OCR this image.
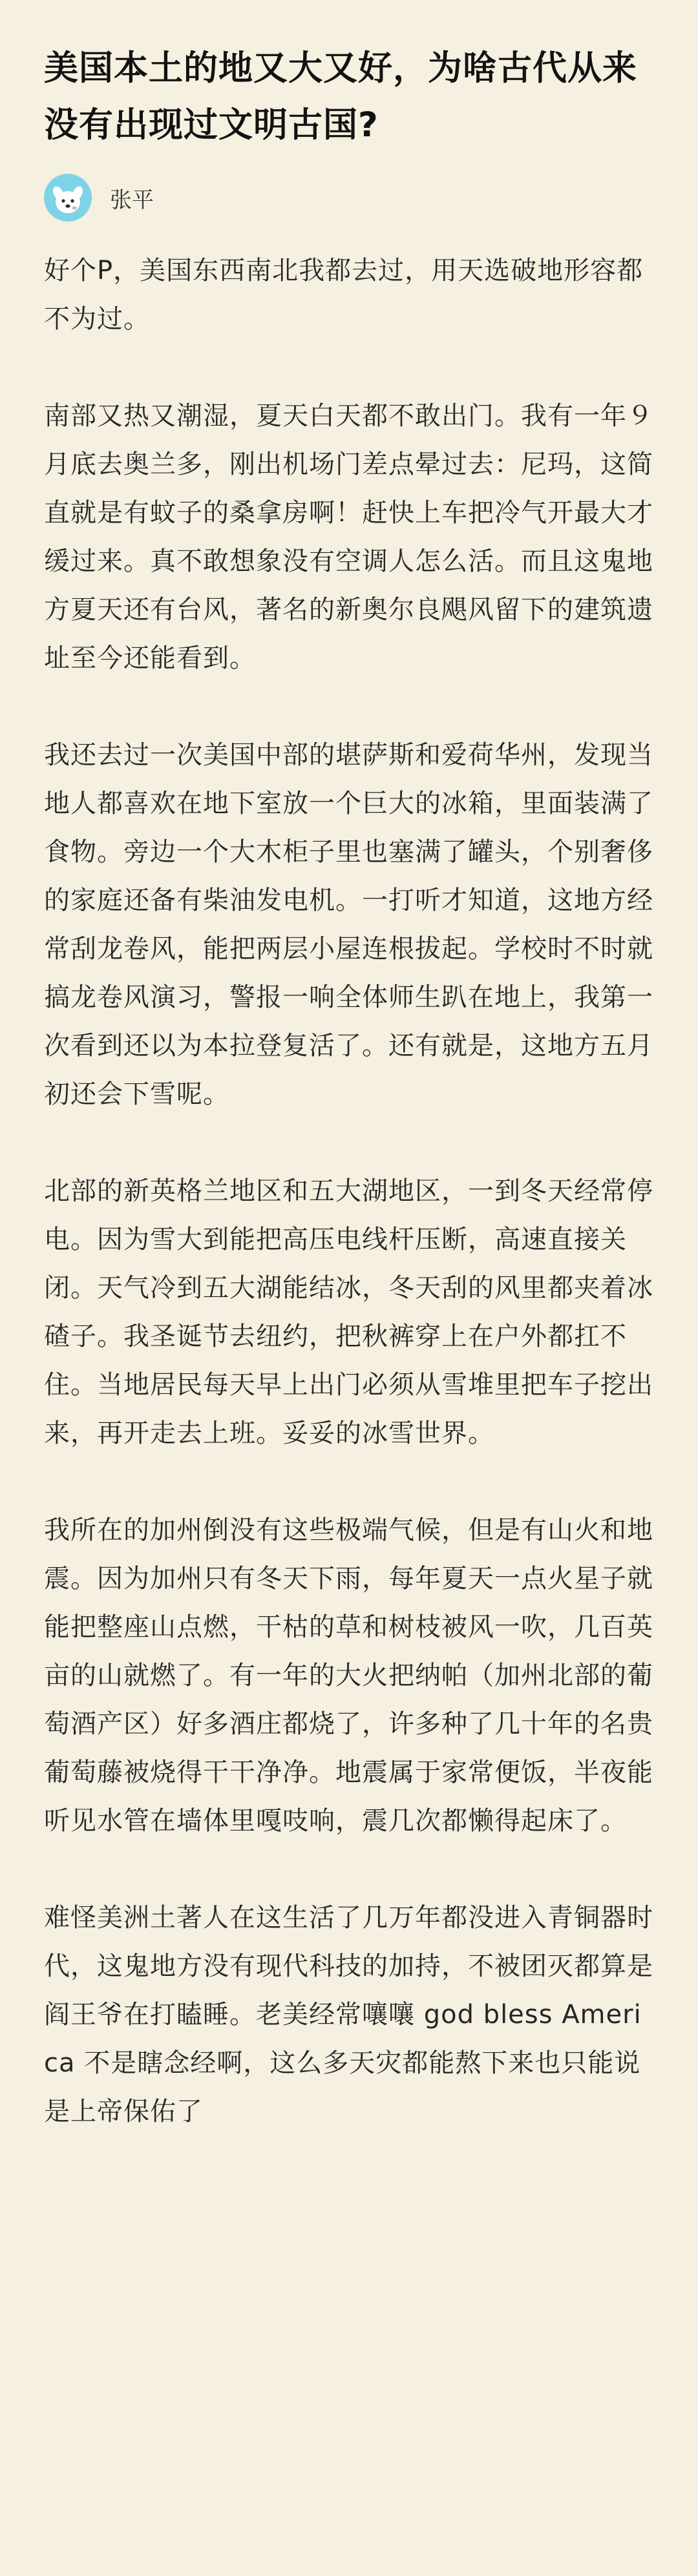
美国本土的地又大又好，为啥古代从来没有出现过文明古国?
张平

好个P，美国东西南北我都去过，用天选破地形容都不为过。

南部又热又潮湿，夏天白天都不敢出门。我有一年９月底去奥兰多，刚出机场门差点晕过去：尼玛，这简直就是有蚊子的桑拿房啊！赶快上车把冷气开最大才缓过来。真不敢想象没有空调人怎么活。而且这鬼地方夏天还有台风，著名的新奥尔良飓风留下的建筑遗址至今还能看到。

我还去过一次美国中部的堪萨斯和爱荷华州，发现当地人都喜欢在地下室放一个巨大的冰箱，里面装满了食物。旁边一个大木柜子里也塞满了罐头，个别奢侈的家庭还备有柴油发电机。一打听才知道，这地方经常刮龙卷风，能把两层小屋连根拔起。学校时不时就搞龙卷风演习，警报一响全体师生趴在地上，我第一次看到还以为本拉登复活了。还有就是，这地方五月初还会下雪呢。

北部的新英格兰地区和五大湖地区，一到冬天经常停电。因为雪大到能把高压电线杆压断，高速直接关闭。天气冷到五大湖能结冰，冬天刮的风里都夹着冰碴子。我圣诞节去纽约，把秋裤穿上在户外都扛不住。当地居民每天早上出门必须从雪堆里把车子挖出来，再开走去上班。妥妥的冰雪世界。

我所在的加州倒没有这些极端气候，但是有山火和地震。因为加州只有冬天下雨，每年夏天一点火星子就能把整座山点燃，干枯的草和树枝被风一吹，几百英亩的山就燃了。有一年的大火把纳帕（加州北部的葡萄酒产区）好多酒庄都烧了，许多种了几十年的名贵葡萄藤被烧得干干净净。地震属于家常便饭，半夜能听见水管在墙体里嘎吱响，震几次都懒得起床了。

难怪美洲土著人在这生活了几万年都没进入青铜器时代，这鬼地方没有现代科技的加持，不被团灭都算是阎王爷在打瞌睡。老美经常嚷嚷 god bless America 不是瞎念经啊，这么多天灾都能熬下来也只能说是上帝保佑了
